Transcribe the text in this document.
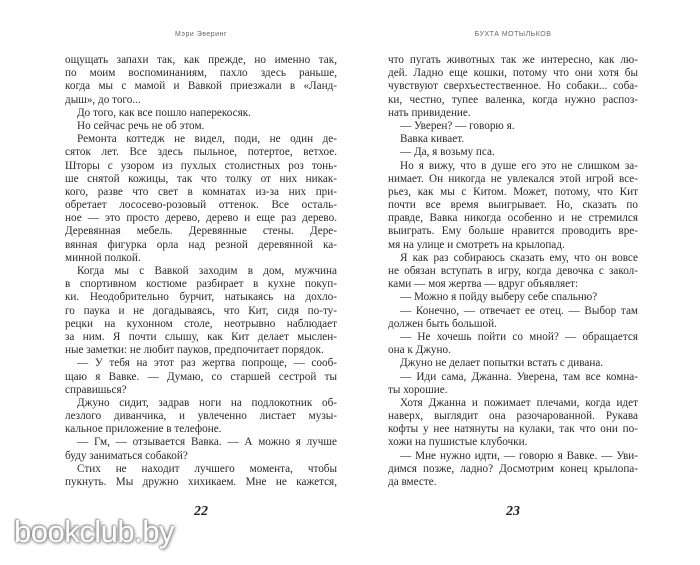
Мэри Эверинг
ощущать запахи так, как прежде, но именно так,
по моим воспоминаниям, пахло здесь раньше,
когда мы с мамой и Вавкой приезжали в «Ланд-
дыш», до того...
До того, как все пошло наперекосяк.
Но сейчас речь не об этом.
Ремонта коттедж не видел, поди, не один де-
сяток лет. Все здесь пыльное, потертое, ветхое.
Шторы с узором из пухлых столистных роз тонь-
ше снятой кожицы, так что толку от них никак-
кого, разве что свет в комнатах из-за них при-
обретает лососево-розовый оттенок. Все осталь-
ное — это просто дерево, дерево и еще раз дерево.
Деревянная мебель. Деревянные стены. Дере-
вянная фигурка орла над резной деревянной ка-
минной полкой.
Когда мы с Вавкой заходим в дом, мужчина
в спортивном костюме разбирает в кухне покуп-
ки. Неодобрительно бурчит, натыкаясь на дохло-
го паука и не догадываясь, что Кит, сидя по-ту-
рецки на кухонном столе, неотрывно наблюдает
за ним. Я почти слышу, как Кит делает мыслен-
ные заметки: не любит пауков, предпочитает порядок.
— У тебя на этот раз жертва попроще, — сооб-
щаю я Вавке. — Думаю, со старшей сестрой ты
справишься?
Джуно сидит, задрав ноги на подлокотник об-
лезлого диванчика, и увлеченно листает музы-
кальное приложение в телефоне.
— Гм, — отзывается Вавка. — А можно я лучше
буду заниматься собакой?
Стих не находит лучшего момента, чтобы
пукнуть. Мы дружно хихикаем. Мне не кажется,
22
БУХТА МОТЫЛЬКОВ
что пугать животных так же интересно, как лю-
дей. Ладно еще кошки, потому что они хотя бы
чувствуют сверхъестественное. Но собаки... соба-
ки, честно, тупее валенка, когда нужно распоз-
нать привидение.
— Уверен? — говорю я.
Вавка кивает.
— Да, я возьму пса.
Но я вижу, что в душе его это не слишком за-
нимает. Он никогда не увлекался этой игрой все-
рьез, как мы с Китом. Может, потому, что Кит
почти все время выигрывает. Но, сказать по
правде, Вавка никогда особенно и не стремился
выиграть. Ему больше нравится проводить вре-
мя на улице и смотреть на крылопад.
Я как раз собираюсь сказать ему, что он вовсе
не обязан вступать в игру, когда девочка с закол-
ками — моя жертва — вдруг объявляет:
— Можно я пойду выберу себе спальню?
— Конечно, — отвечает ее отец. — Выбор там
должен быть большой.
— Не хочешь пойти со мной? — обращается
она к Джуно.
Джуно не делает попытки встать с дивана.
— Иди сама, Джанна. Уверена, там все комна-
ты хорошие.
Хотя Джанна и пожимает плечами, когда идет
наверх, выглядит она разочарованной. Рукава
кофты у нее натянуты на кулаки, так что они по-
хожи на пушистые клубочки.
— Мне нужно идти, — говорю я Вавке. — Уви-
димся позже, ладно? Досмотрим конец крылопа-
да вместе.
23
bookclub.by
